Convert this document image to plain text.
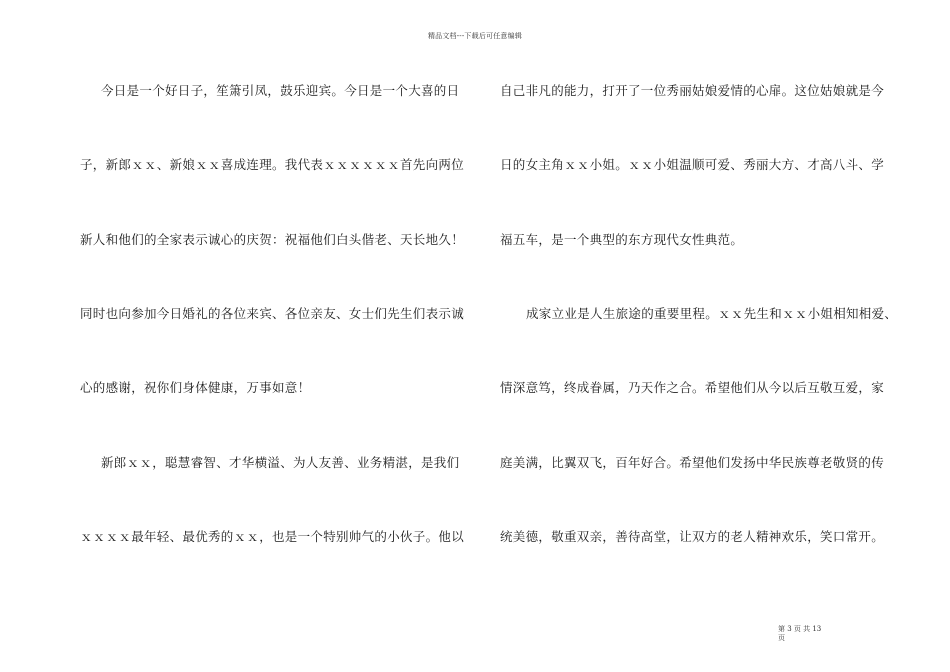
精品文档---下载后可任意编辑
今日是一个好日子，笙箫引凤，鼓乐迎宾。今日是一个大喜的日
子，新郎ｘｘ、新娘ｘｘ喜成连理。我代表ｘｘｘｘｘｘ首先向两位
新人和他们的全家表示诚心的庆贺：祝福他们白头偕老、天长地久！
同时也向参加今日婚礼的各位来宾、各位亲友、女士们先生们表示诚
心的感谢，祝你们身体健康，万事如意！
新郎ｘｘ，聪慧睿智、才华横溢、为人友善、业务精湛，是我们
ｘｘｘｘ最年轻、最优秀的ｘｘ，也是一个特别帅气的小伙子。他以
自己非凡的能力，打开了一位秀丽姑娘爱情的心扉。这位姑娘就是今
日的女主角ｘｘ小姐。ｘｘ小姐温顺可爱、秀丽大方、才高八斗、学
福五车，是一个典型的东方现代女性典范。
成家立业是人生旅途的重要里程。ｘｘ先生和ｘｘ小姐相知相爱、
情深意笃，终成眷属，乃天作之合。希望他们从今以后互敬互爱，家
庭美满，比翼双飞，百年好合。希望他们发扬中华民族尊老敬贤的传
统美德，敬重双亲，善待高堂，让双方的老人精神欢乐，笑口常开。
第 3 页 共 13
页
